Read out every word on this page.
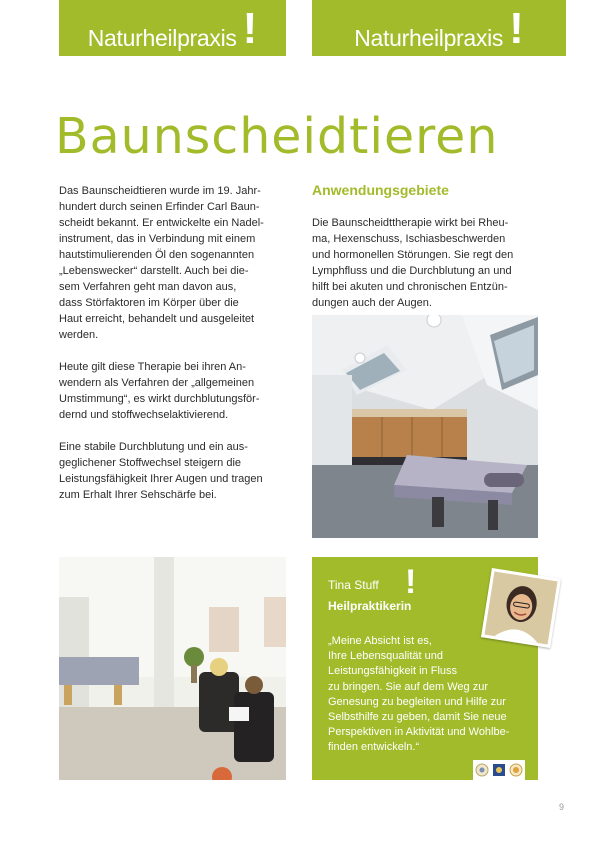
Naturheilpraxis !	Naturheilpraxis !
Baunscheidtieren

Das Baunscheidtieren wurde im 19. Jahr-
hundert durch seinen Erfinder Carl Baun-
scheidt bekannt. Er entwickelte ein Nadel-
instrument, das in Verbindung mit einem
hautstimulierenden Öl den sogenannten
„Lebenswecker“ darstellt. Auch bei die-
sem Verfahren geht man davon aus,
dass Störfaktoren im Körper über die
Haut erreicht, behandelt und ausgeleitet
werden.

Heute gilt diese Therapie bei ihren An-
wendern als Verfahren der „allgemeinen
Umstimmung“, es wirkt durchblutungsför-
dernd und stoffwechselaktivierend.

Eine stabile Durchblutung und ein aus-
geglichener Stoffwechsel steigern die
Leistungsfähigkeit Ihrer Augen und tragen
zum Erhalt Ihrer Sehschärfe bei.

Anwendungsgebiete

Die Baunscheidttherapie wirkt bei Rheu-
ma, Hexenschuss, Ischiasbeschwerden
und hormonellen Störungen. Sie regt den
Lymphfluss und die Durchblutung an und
hilft bei akuten und chronischen Entzün-
dungen auch der Augen.

Tina Stuff !
Heilpraktikerin

„Meine Absicht ist es,
Ihre Lebensqualität und
Leistungsfähigkeit in Fluss
zu bringen. Sie auf dem Weg zur
Genesung zu begleiten und Hilfe zur
Selbsthilfe zu geben, damit Sie neue
Perspektiven in Aktivität und Wohlbe-
finden entwickeln.“

9
